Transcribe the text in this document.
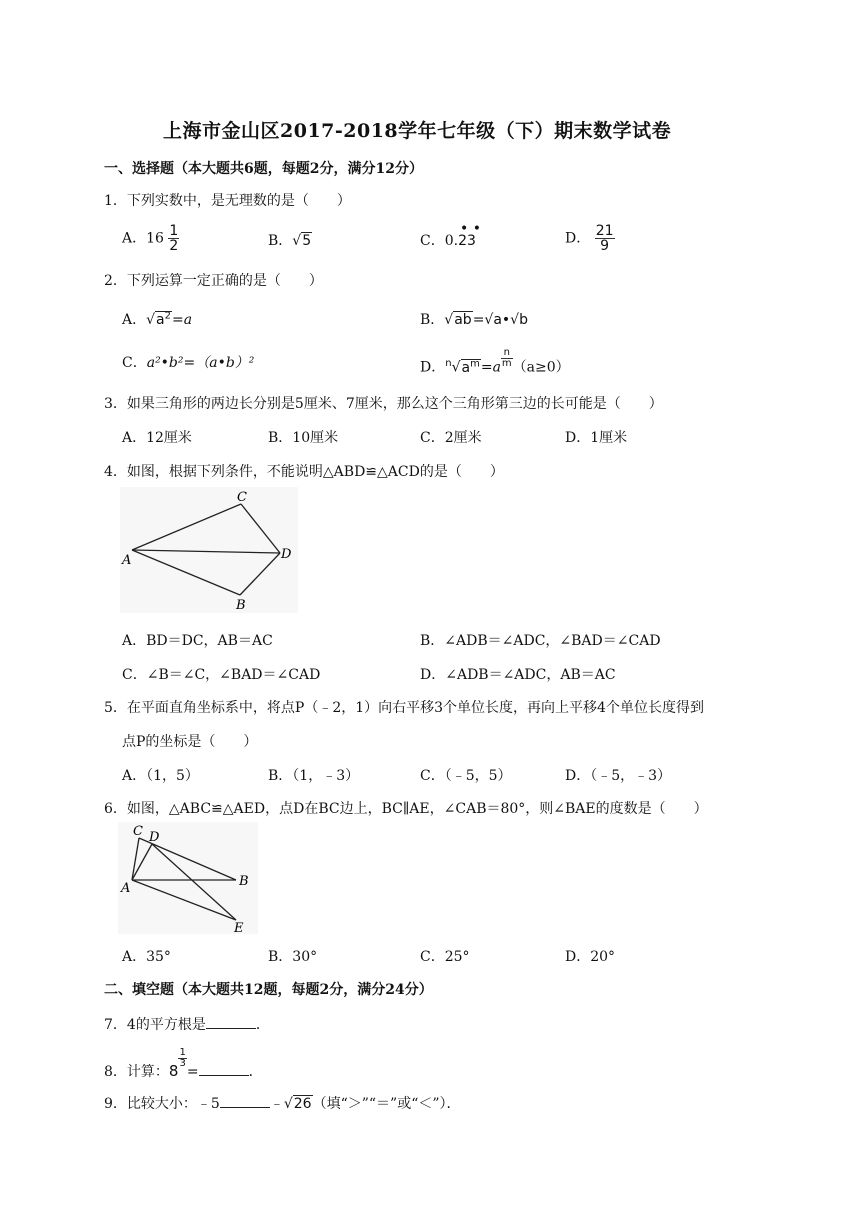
上海市金山区2017-2018学年七年级（下）期末数学试卷
一、选择题（本大题共6题，每题2分，满分12分）
1．下列实数中，是无理数的是（　　）
A．$16 \frac{1}{2}$	B．√5	C．0.23
• •
D． $\frac{21}{9}$
2．下列运算一定正确的是（　　）
A．$√a^2=a$	B．√ab=√a•√b
C．a²•b²=（a•b）²	D．$^n√a^m=a \frac{n}{m} (a\ge 0)$
3．如果三角形的两边长分别是5厘米、7厘米，那么这个三角形第三边的长可能是（　　）
A．12厘米	B．10厘米	C．2厘米	D．1厘米
4．如图，根据下列条件，不能说明△ABD≌△ACD的是（　　）
C
A	D
B
A．BD＝DC，AB＝AC	B．∠ADB＝∠ADC，∠BAD＝∠CAD
C．∠B＝∠C，∠BAD＝∠CAD	D．∠ADB＝∠ADC，AB＝AC
5．在平面直角坐标系中，将点P（﹣2，1）向右平移3个单位长度，再向上平移4个单位长度得到
点P的坐标是（　　）
A．（1，5）	B．（1，﹣3）	C．（﹣5，5）	D．（﹣5，﹣3）
6．如图，△ABC≌△AED，点D在BC边上，BC∥AE，∠CAB＝80°，则∠BAE的度数是（　　）
C D
A	B
E
A．35°	B．30°	C．25°	D．20°
二、填空题（本大题共12题，每题2分，满分24分）
7．4的平方根是	．
8．计算：8
$\frac{1}{3}$
=	．
9．比较大小：﹣5	﹣√26（填“＞”“＝”或“＜”）．
